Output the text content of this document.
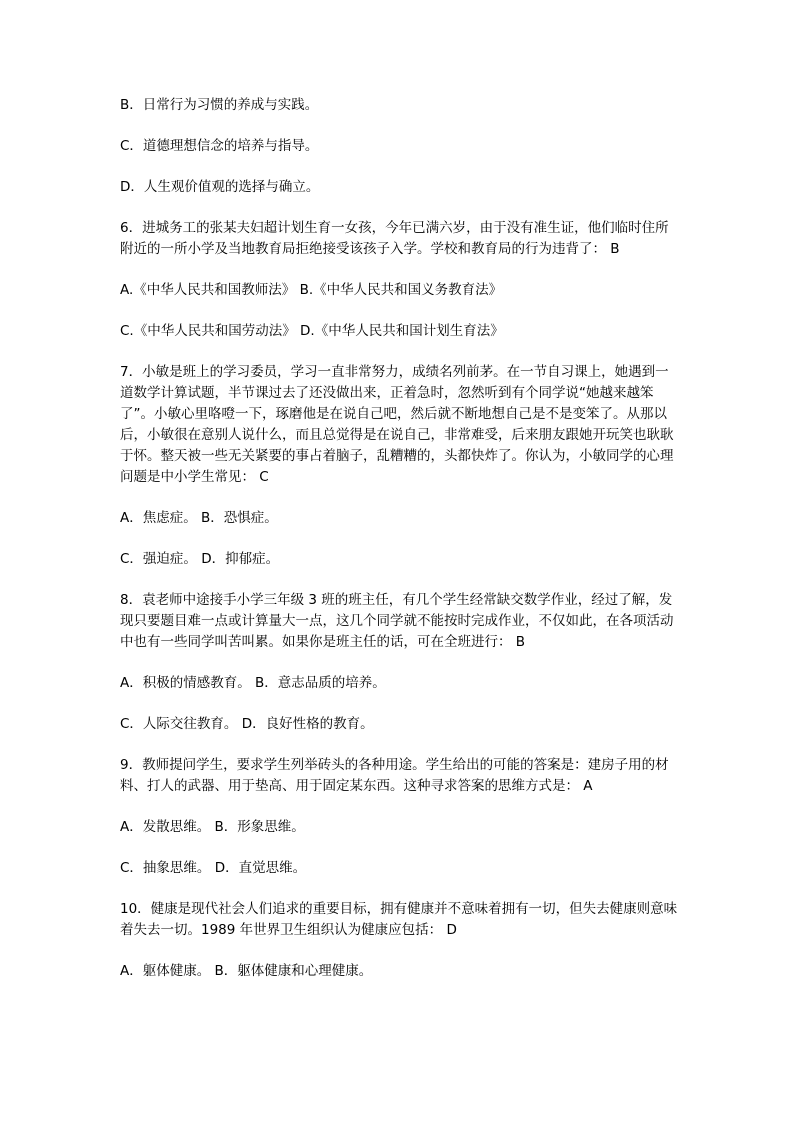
B．日常行为习惯的养成与实践。

C．道德理想信念的培养与指导。

D．人生观价值观的选择与确立。

6．进城务工的张某夫妇超计划生育一女孩，今年已满六岁，由于没有准生证，他们临时住所附近的一所小学及当地教育局拒绝接受该孩子入学。学校和教育局的行为违背了： B

A.《中华人民共和国教师法》 B.《中华人民共和国义务教育法》

C.《中华人民共和国劳动法》 D.《中华人民共和国计划生育法》

7．小敏是班上的学习委员，学习一直非常努力，成绩名列前茅。在一节自习课上，她遇到一道数学计算试题，半节课过去了还没做出来，正着急时，忽然听到有个同学说“她越来越笨了”。小敏心里咯噔一下，琢磨他是在说自己吧，然后就不断地想自己是不是变笨了。从那以后，小敏很在意别人说什么，而且总觉得是在说自己，非常难受，后来朋友跟她开玩笑也耿耿于怀。整天被一些无关紧要的事占着脑子，乱糟糟的，头都快炸了。你认为，小敏同学的心理问题是中小学生常见： C

A．焦虑症。 B．恐惧症。

C．强迫症。 D．抑郁症。

8．袁老师中途接手小学三年级 3 班的班主任，有几个学生经常缺交数学作业，经过了解，发现只要题目难一点或计算量大一点，这几个同学就不能按时完成作业，不仅如此，在各项活动中也有一些同学叫苦叫累。如果你是班主任的话，可在全班进行： B

A．积极的情感教育。 B．意志品质的培养。

C．人际交往教育。 D．良好性格的教育。

9．教师提问学生，要求学生列举砖头的各种用途。学生给出的可能的答案是：建房子用的材料、打人的武器、用于垫高、用于固定某东西。这种寻求答案的思维方式是： A

A．发散思维。 B．形象思维。

C．抽象思维。 D．直觉思维。

10．健康是现代社会人们追求的重要目标，拥有健康并不意味着拥有一切，但失去健康则意味着失去一切。1989 年世界卫生组织认为健康应包括： D

A．躯体健康。 B．躯体健康和心理健康。
